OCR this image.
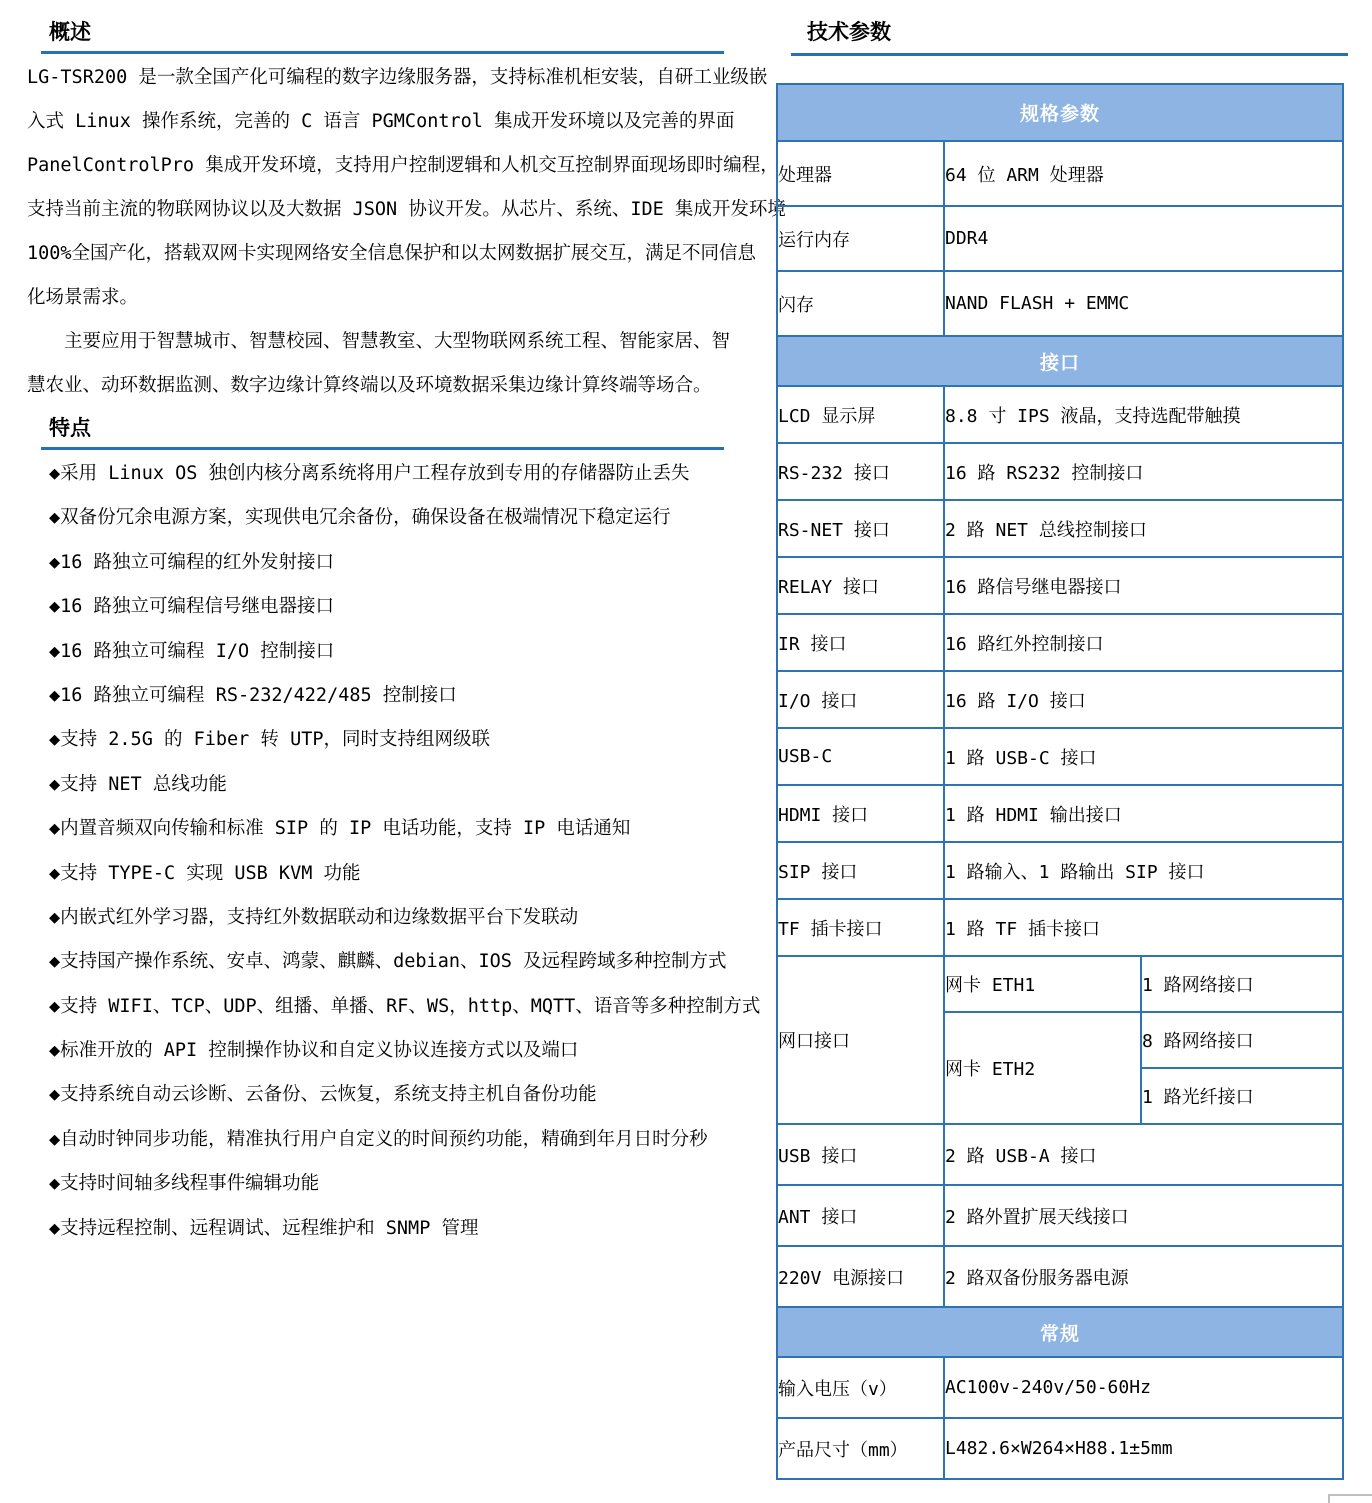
概述
LG-TSR200 是一款全国产化可编程的数字边缘服务器，支持标准机柜安装，自研工业级嵌
入式 Linux 操作系统，完善的 C 语言 PGMControl 集成开发环境以及完善的界面
PanelControlPro 集成开发环境，支持用户控制逻辑和人机交互控制界面现场即时编程，
支持当前主流的物联网协议以及大数据 JSON 协议开发。从芯片、系统、IDE 集成开发环境
100%全国产化，搭载双网卡实现网络安全信息保护和以太网数据扩展交互，满足不同信息
化场景需求。
　　主要应用于智慧城市、智慧校园、智慧教室、大型物联网系统工程、智能家居、智
慧农业、动环数据监测、数字边缘计算终端以及环境数据采集边缘计算终端等场合。
特点
◆采用 Linux OS 独创内核分离系统将用户工程存放到专用的存储器防止丢失
◆双备份冗余电源方案，实现供电冗余备份，确保设备在极端情况下稳定运行
◆16 路独立可编程的红外发射接口
◆16 路独立可编程信号继电器接口
◆16 路独立可编程 I/O 控制接口
◆16 路独立可编程 RS-232/422/485 控制接口
◆支持 2.5G 的 Fiber 转 UTP，同时支持组网级联
◆支持 NET 总线功能
◆内置音频双向传输和标准 SIP 的 IP 电话功能，支持 IP 电话通知
◆支持 TYPE-C 实现 USB KVM 功能
◆内嵌式红外学习器，支持红外数据联动和边缘数据平台下发联动
◆支持国产操作系统、安卓、鸿蒙、麒麟、debian、IOS 及远程跨域多种控制方式
◆支持 WIFI、TCP、UDP、组播、单播、RF、WS，http、MQTT、语音等多种控制方式
◆标准开放的 API 控制操作协议和自定义协议连接方式以及端口
◆支持系统自动云诊断、云备份、云恢复，系统支持主机自备份功能
◆自动时钟同步功能，精准执行用户自定义的时间预约功能，精确到年月日时分秒
◆支持时间轴多线程事件编辑功能
◆支持远程控制、远程调试、远程维护和 SNMP 管理
技术参数
规格参数		
处理器	64 位 ARM 处理器	
运行内存	DDR4	
闪存	NAND FLASH + EMMC	
接口		
LCD 显示屏	8.8 寸 IPS 液晶，支持选配带触摸	
RS-232 接口	16 路 RS232 控制接口	
RS-NET 接口	2 路 NET 总线控制接口	
RELAY 接口	16 路信号继电器接口	
IR 接口	16 路红外控制接口	
I/O 接口	16 路 I/O 接口	
USB-C	1 路 USB-C 接口	
HDMI 接口	1 路 HDMI 输出接口	
SIP 接口	1 路输入、1 路输出 SIP 接口	
TF 插卡接口	1 路 TF 插卡接口	
网口接口	网卡 ETH1	1 路网络接口
	网卡 ETH2	8 路网络接口
		1 路光纤接口
USB 接口	2 路 USB-A 接口	
ANT 接口	2 路外置扩展天线接口	
220V 电源接口	2 路双备份服务器电源	
常规		
输入电压（v）	AC100v-240v/50-60Hz	
产品尺寸（mm）	L482.6×W264×H88.1±5mm	
